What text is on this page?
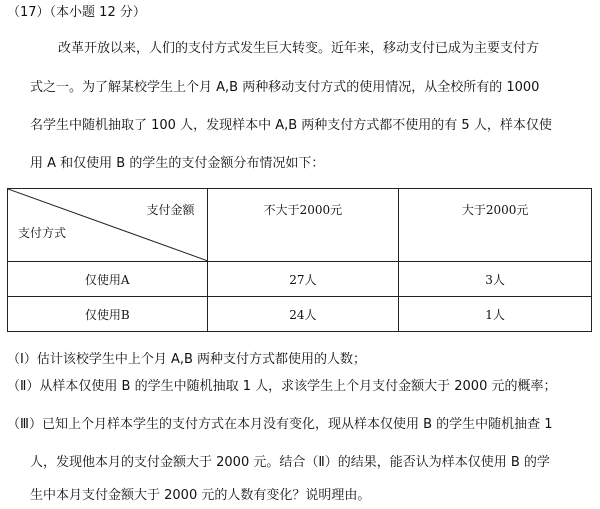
（17）（本小题 12 分）
改革开放以来，人们的支付方式发生巨大转变。近年来，移动支付已成为主要支付方
式之一。为了解某校学生上个月 A,B 两种移动支付方式的使用情况，从全校所有的 1000
名学生中随机抽取了 100 人，发现样本中 A,B 两种支付方式都不使用的有 5 人，样本仅使
用 A 和仅使用 B 的学生的支付金额分布情况如下：
支付金额
支付方式	不大于2000元	大于2000元

仅使用A	27人	3人
仅使用B	24人	1人
（Ⅰ）估计该校学生中上个月 A,B 两种支付方式都使用的人数；
（Ⅱ）从样本仅使用 B 的学生中随机抽取 1 人，求该学生上个月支付金额大于 2000 元的概率；
（Ⅲ）已知上个月样本学生的支付方式在本月没有变化，现从样本仅使用 B 的学生中随机抽查 1
人，发现他本月的支付金额大于 2000 元。结合（Ⅱ）的结果，能否认为样本仅使用 B 的学
生中本月支付金额大于 2000 元的人数有变化？说明理由。
